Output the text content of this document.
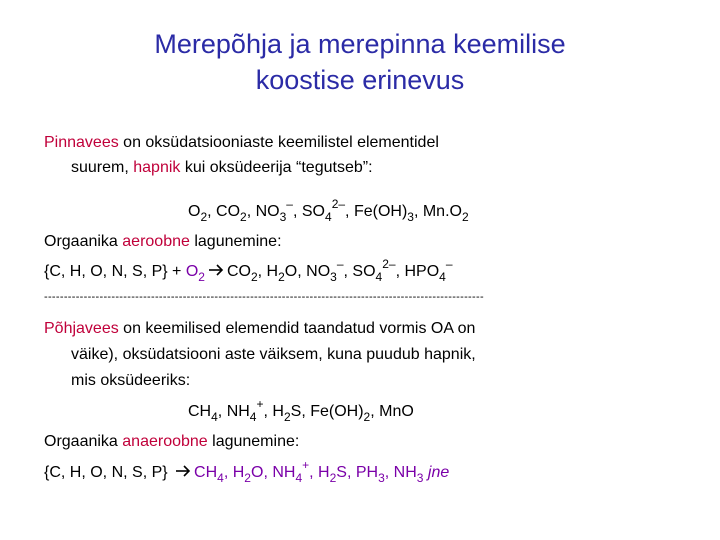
Merepõhja ja merepinna keemilise
koostise erinevus
Pinnavees on oksüdatsiooniaste keemilistel elementidel
suurem, hapnik kui oksüdeerija “tegutseb”:
$O_2$, $CO_2$, $NO_3^-$, $SO_4^{2-}$, $Fe(OH)_3$, $Mn.O_2$
Orgaanika aeroobne lagunemine:
{C, H, O, N, S, $P\} + O_2$ $CO_2$, $H_2O$, $NO_3^-$, $SO_4^{2-}$, $HPO_4^-$
---------------------------------------------------------------------------------------------------------------
Põhjavees on keemilised elemendid taandatud vormis OA on
väike), oksüdatsiooni aste väiksem, kuna puudub hapnik,
mis oksüdeeriks:
$CH_4$, $NH_4^+$, $H_2S$, $Fe(OH)_2$, MnO
Orgaanika anaeroobne lagunemine:
{C, H, O, N, S, P} $CH_4$, $H_2O$, $NH_4^+$, $H_2S$, $PH_3$, $NH_3$ jne
